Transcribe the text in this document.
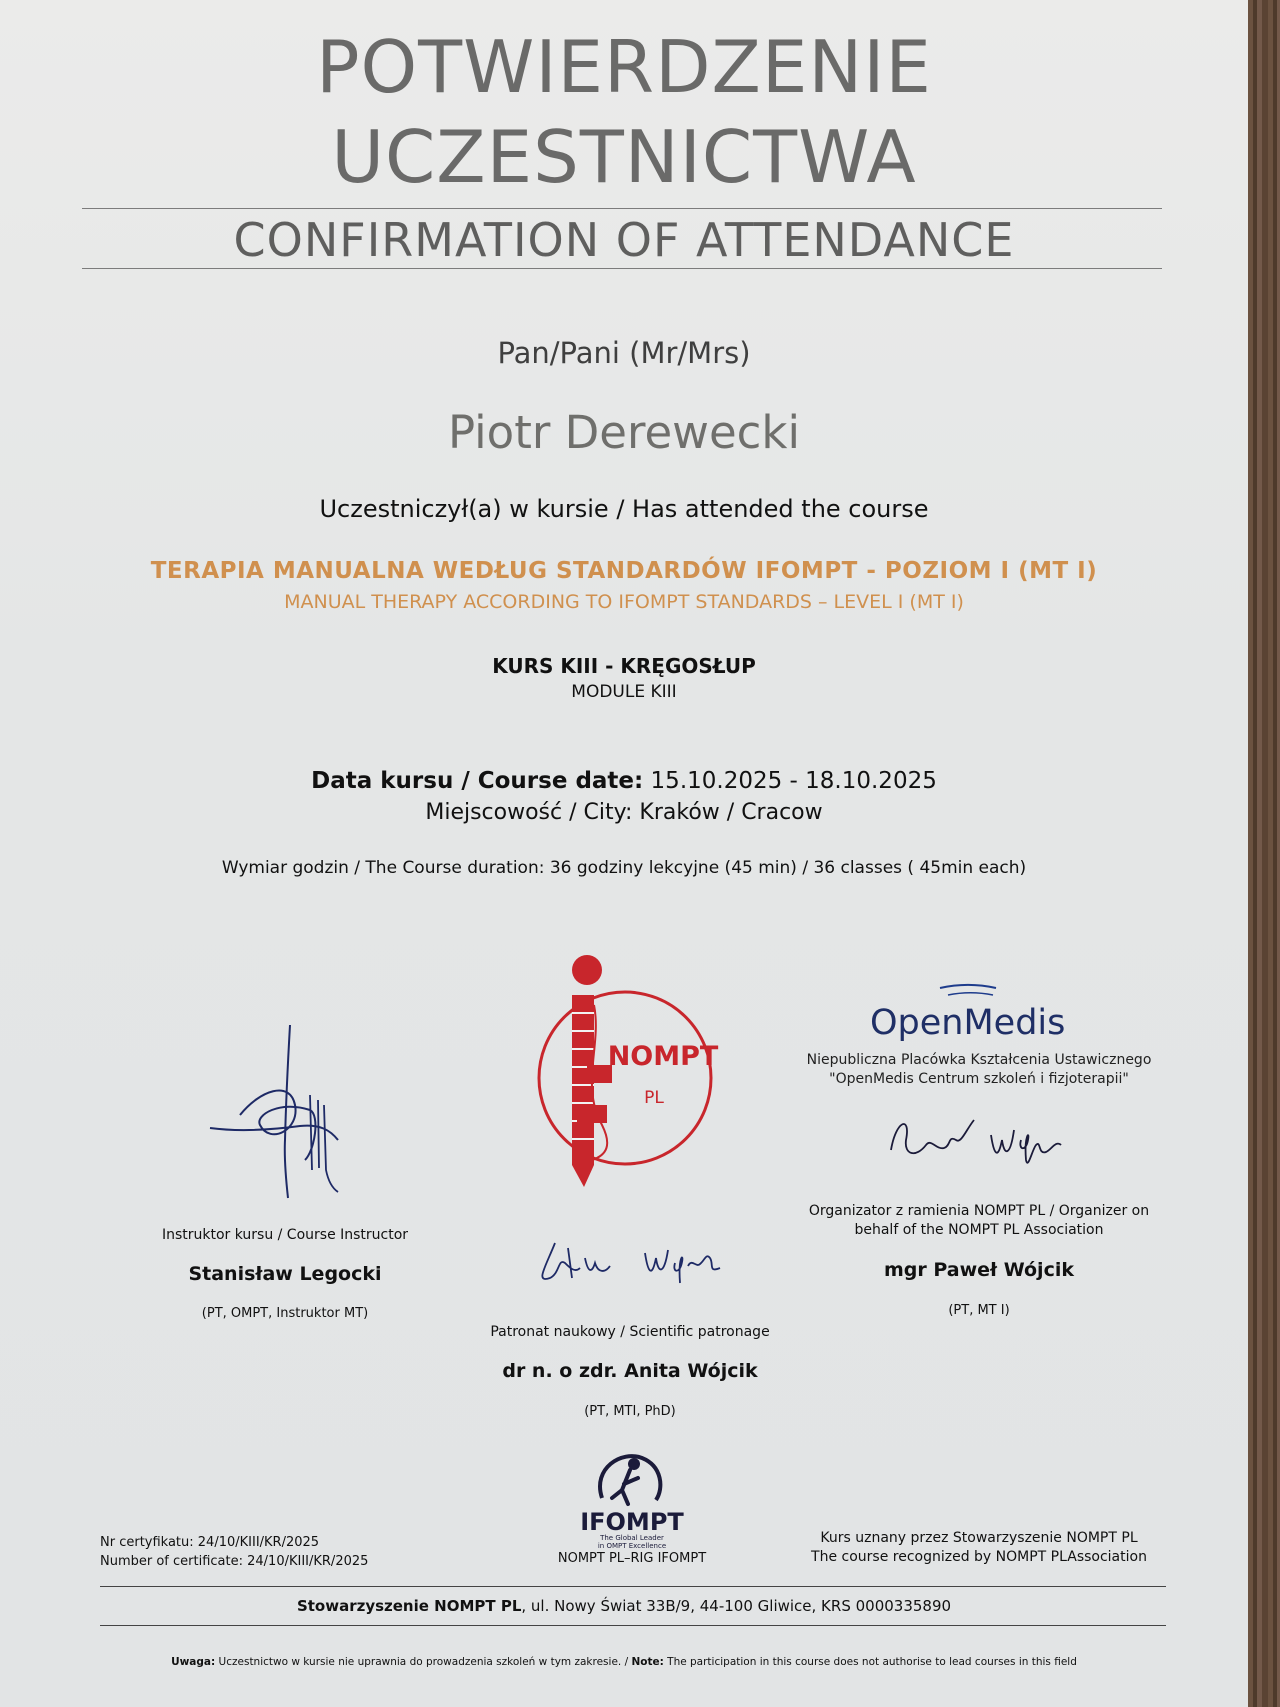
POTWIERDZENIE
UCZESTNICTWA
CONFIRMATION OF ATTENDANCE
Pan/Pani (Mr/Mrs)
Piotr Derewecki
Uczestniczył(a) w kursie / Has attended the course
TERAPIA MANUALNA WEDŁUG STANDARDÓW IFOMPT - POZIOM I (MT I)
MANUAL THERAPY ACCORDING TO IFOMPT STANDARDS – LEVEL I (MT I)
KURS KIII - KRĘGOSŁUP
MODULE KIII
Data kursu / Course date: 15.10.2025 - 18.10.2025
Miejscowość / City: Kraków / Cracow
Wymiar godzin / The Course duration: 36 godziny lekcyjne (45 min) / 36 classes ( 45min each)
NOMPT
PL
OpenMedis
Niepubliczna Placówka Kształcenia Ustawicznego
"OpenMedis Centrum szkoleń i fizjoterapii"
Organizator z ramienia NOMPT PL / Organizer on
behalf of the NOMPT PL Association
mgr Paweł Wójcik
(PT, MT I)
Instruktor kursu / Course Instructor
Stanisław Legocki
(PT, OMPT, Instruktor MT)
Patronat naukowy / Scientific patronage
dr n. o zdr. Anita Wójcik
(PT, MTI, PhD)
IFOMPT
The Global Leader
in OMPT Excellence
NOMPT PL–RIG IFOMPT
Nr certyfikatu: 24/10/KIII/KR/2025
Number of certificate: 24/10/KIII/KR/2025
Kurs uznany przez Stowarzyszenie NOMPT PL
The course recognized by NOMPT PLAssociation
Stowarzyszenie NOMPT PL, ul. Nowy Świat 33B/9, 44-100 Gliwice, KRS 0000335890
Uwaga: Uczestnictwo w kursie nie uprawnia do prowadzenia szkoleń w tym zakresie. / Note: The participation in this course does not authorise to lead courses in this field
